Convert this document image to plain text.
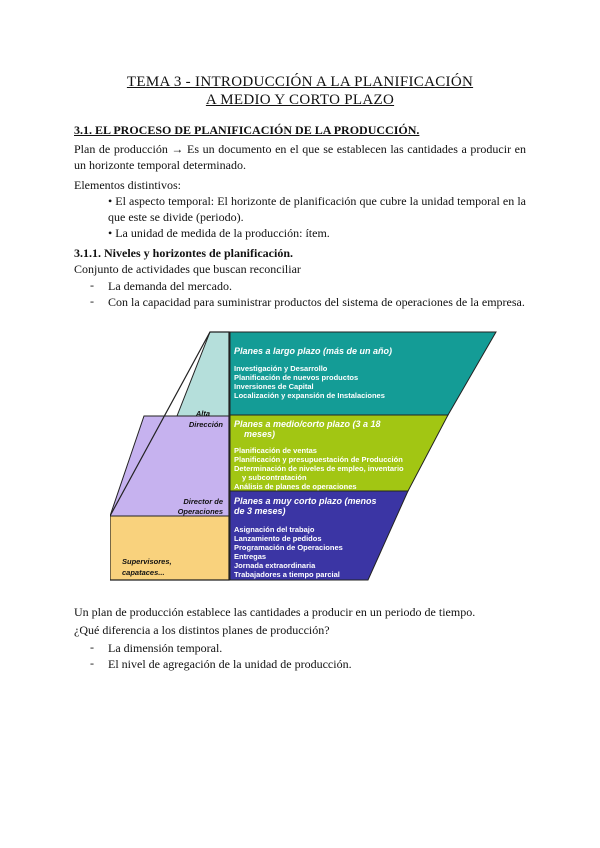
TEMA 3 - INTRODUCCIÓN A LA PLANIFICACIÓN
A MEDIO Y CORTO PLAZO
3.1. EL PROCESO DE PLANIFICACIÓN DE LA PRODUCCIÓN.
Plan de producción → Es un documento en el que se establecen las cantidades a producir en un horizonte temporal determinado.
Elementos distintivos:
• El aspecto temporal: El horizonte de planificación que cubre la unidad temporal en la que este se divide (periodo).
• La unidad de medida de la producción: ítem.
3.1.1. Niveles y horizontes de planificación.
Conjunto de actividades que buscan reconciliar
- La demanda del mercado.
- Con la capacidad para suministrar productos del sistema de operaciones de la empresa.
Alta
Dirección
Director de
Operaciones
Supervisores,
capataces...
Planes a largo plazo (más de un año)
Investigación y Desarrollo
Planificación de nuevos productos
Inversiones de Capital
Localización y expansión de Instalaciones
Planes a medio/corto plazo (3 a 18
meses)
Planificación de ventas
Planificación y presupuestación de Producción
Determinación de niveles de empleo, inventario
y subcontratación
Análisis de planes de operaciones
Planes a muy corto plazo (menos
de 3 meses)
Asignación del trabajo
Lanzamiento de pedidos
Programación de Operaciones
Entregas
Jornada extraordinaria
Trabajadores a tiempo parcial
Un plan de producción establece las cantidades a producir en un periodo de tiempo.
¿Qué diferencia a los distintos planes de producción?
- La dimensión temporal.
- El nivel de agregación de la unidad de producción.
